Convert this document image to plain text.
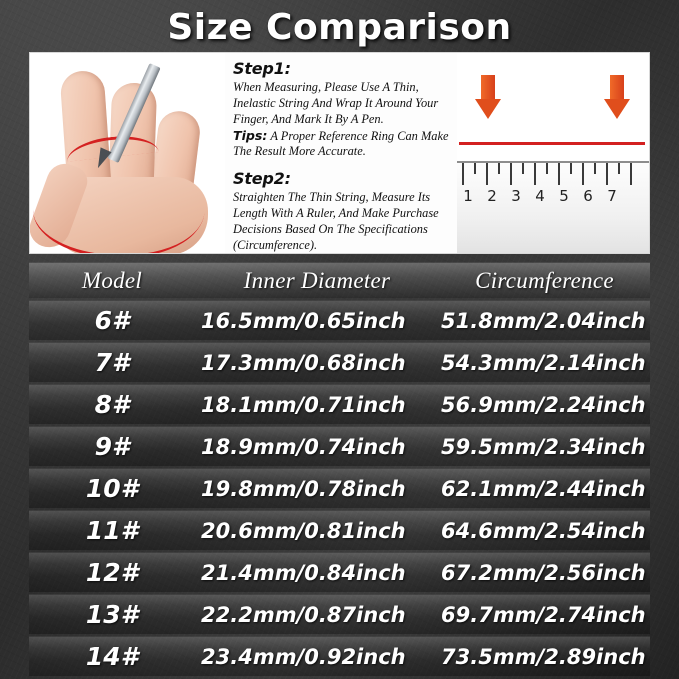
Size Comparison
Step1:

When Measuring, Please Use A Thin, Inelastic String And Wrap It Around Your Finger, And Mark It By A Pen.

Tips: A Proper Reference Ring Can Make The Result More Accurate.

Step2:

Straighten The Thin String, Measure Its Length With A Ruler, And Make Purchase Decisions Based On The Specifications (Circumference).

1 2 3 4 5 6 7
Model	Inner Diameter	Circumference
6#	16.5mm/0.65inch	51.8mm/2.04inch
7#	17.3mm/0.68inch	54.3mm/2.14inch
8#	18.1mm/0.71inch	56.9mm/2.24inch
9#	18.9mm/0.74inch	59.5mm/2.34inch
10#	19.8mm/0.78inch	62.1mm/2.44inch
11#	20.6mm/0.81inch	64.6mm/2.54inch
12#	21.4mm/0.84inch	67.2mm/2.56inch
13#	22.2mm/0.87inch	69.7mm/2.74inch
14#	23.4mm/0.92inch	73.5mm/2.89inch
